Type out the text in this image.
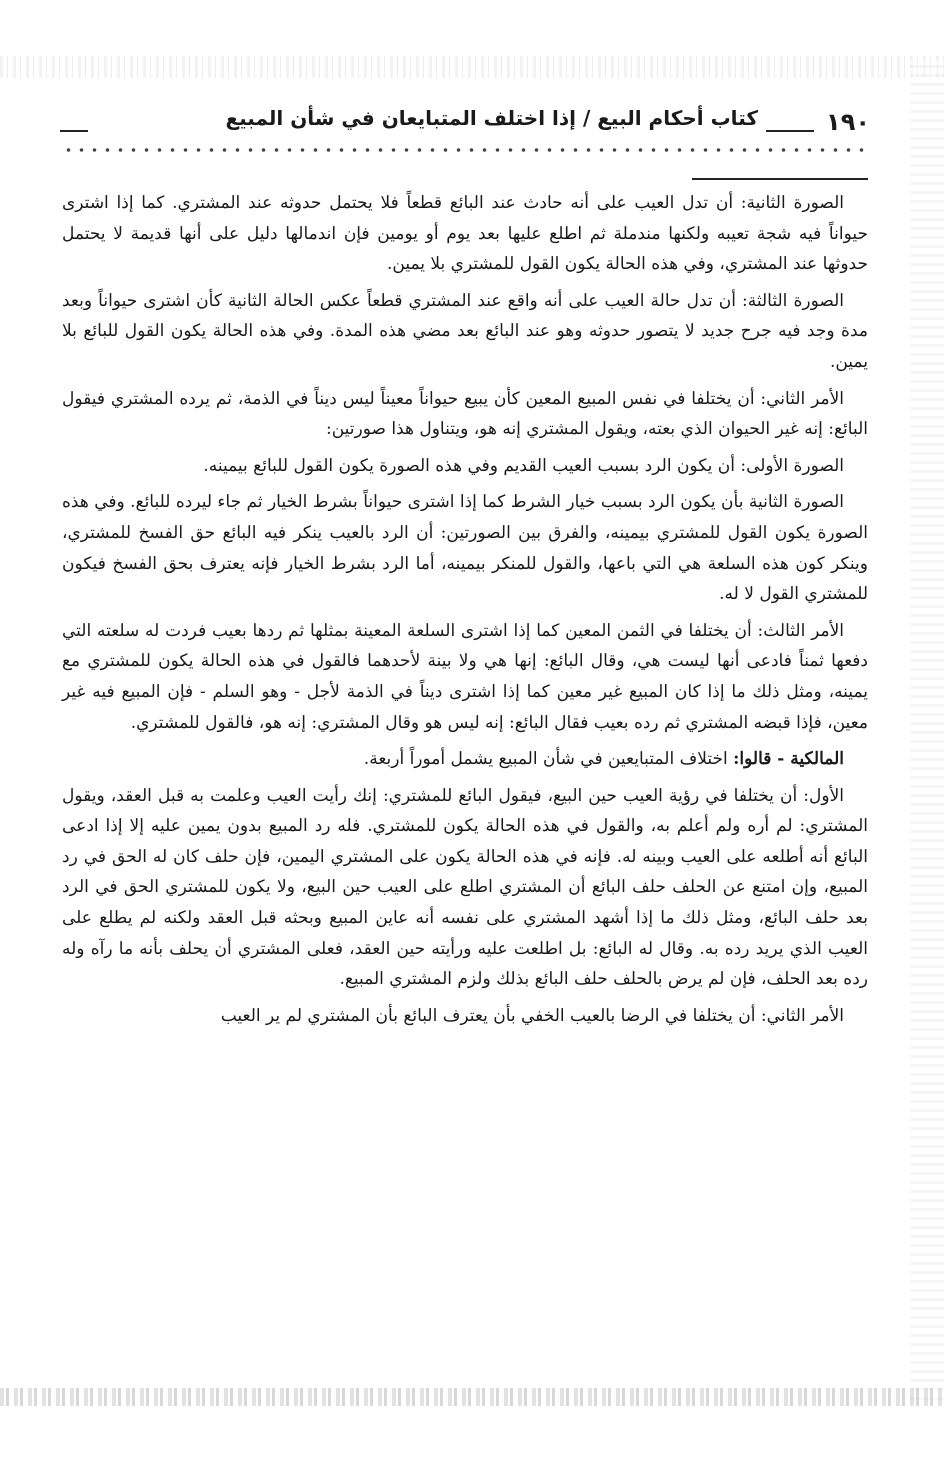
١٩٠
كتاب أحكام البيع / إذا اختلف المتبايعان في شأن المبيع

الصورة الثانية: أن تدل العيب على أنه حادث عند البائع قطعاً فلا يحتمل حدوثه عند المشتري. كما إذا اشترى حيواناً فيه شجة تعيبه ولكنها مندملة ثم اطلع عليها بعد يوم أو يومين فإن اندمالها دليل على أنها قديمة لا يحتمل حدوثها عند المشتري، وفي هذه الحالة يكون القول للمشتري بلا يمين.

الصورة الثالثة: أن تدل حالة العيب على أنه واقع عند المشتري قطعاً عكس الحالة الثانية كأن اشترى حيواناً وبعد مدة وجد فيه جرح جديد لا يتصور حدوثه وهو عند البائع بعد مضي هذه المدة. وفي هذه الحالة يكون القول للبائع بلا يمين.

الأمر الثاني: أن يختلفا في نفس المبيع المعين كأن يبيع حيواناً معيناً ليس ديناً في الذمة، ثم يرده المشتري فيقول البائع: إنه غير الحيوان الذي بعته، ويقول المشتري إنه هو، ويتناول هذا صورتين:

الصورة الأولى: أن يكون الرد بسبب العيب القديم وفي هذه الصورة يكون القول للبائع بيمينه.

الصورة الثانية بأن يكون الرد بسبب خيار الشرط كما إذا اشترى حيواناً بشرط الخيار ثم جاء ليرده للبائع. وفي هذه الصورة يكون القول للمشتري بيمينه، والفرق بين الصورتين: أن الرد بالعيب ينكر فيه البائع حق الفسخ للمشتري، وينكر كون هذه السلعة هي التي باعها، والقول للمنكر بيمينه، أما الرد بشرط الخيار فإنه يعترف بحق الفسخ فيكون للمشتري القول لا له.

الأمر الثالث: أن يختلفا في الثمن المعين كما إذا اشترى السلعة المعينة بمثلها ثم ردها بعيب فردت له سلعته التي دفعها ثمناً فادعى أنها ليست هي، وقال البائع: إنها هي ولا بينة لأحدهما فالقول في هذه الحالة يكون للمشتري مع يمينه، ومثل ذلك ما إذا كان المبيع غير معين كما إذا اشترى ديناً في الذمة لأجل - وهو السلم - فإن المبيع فيه غير معين، فإذا قبضه المشتري ثم رده بعيب فقال البائع: إنه ليس هو وقال المشتري: إنه هو، فالقول للمشتري.

المالكية - قالوا: اختلاف المتبايعين في شأن المبيع يشمل أموراً أربعة.

الأول: أن يختلفا في رؤية العيب حين البيع، فيقول البائع للمشتري: إنك رأيت العيب وعلمت به قبل العقد، ويقول المشتري: لم أره ولم أعلم به، والقول في هذه الحالة يكون للمشتري. فله رد المبيع بدون يمين عليه إلا إذا ادعى البائع أنه أطلعه على العيب وبينه له. فإنه في هذه الحالة يكون على المشتري اليمين، فإن حلف كان له الحق في رد المبيع، وإن امتنع عن الحلف حلف البائع أن المشتري اطلع على العيب حين البيع، ولا يكون للمشتري الحق في الرد بعد حلف البائع، ومثل ذلك ما إذا أشهد المشتري على نفسه أنه عاين المبيع وبحثه قبل العقد ولكنه لم يطلع على العيب الذي يريد رده به. وقال له البائع: بل اطلعت عليه ورأيته حين العقد، فعلى المشتري أن يحلف بأنه ما رآه وله رده بعد الحلف، فإن لم يرض بالحلف حلف البائع بذلك ولزم المشتري المبيع.

الأمر الثاني: أن يختلفا في الرضا بالعيب الخفي بأن يعترف البائع بأن المشتري لم ير العيب
